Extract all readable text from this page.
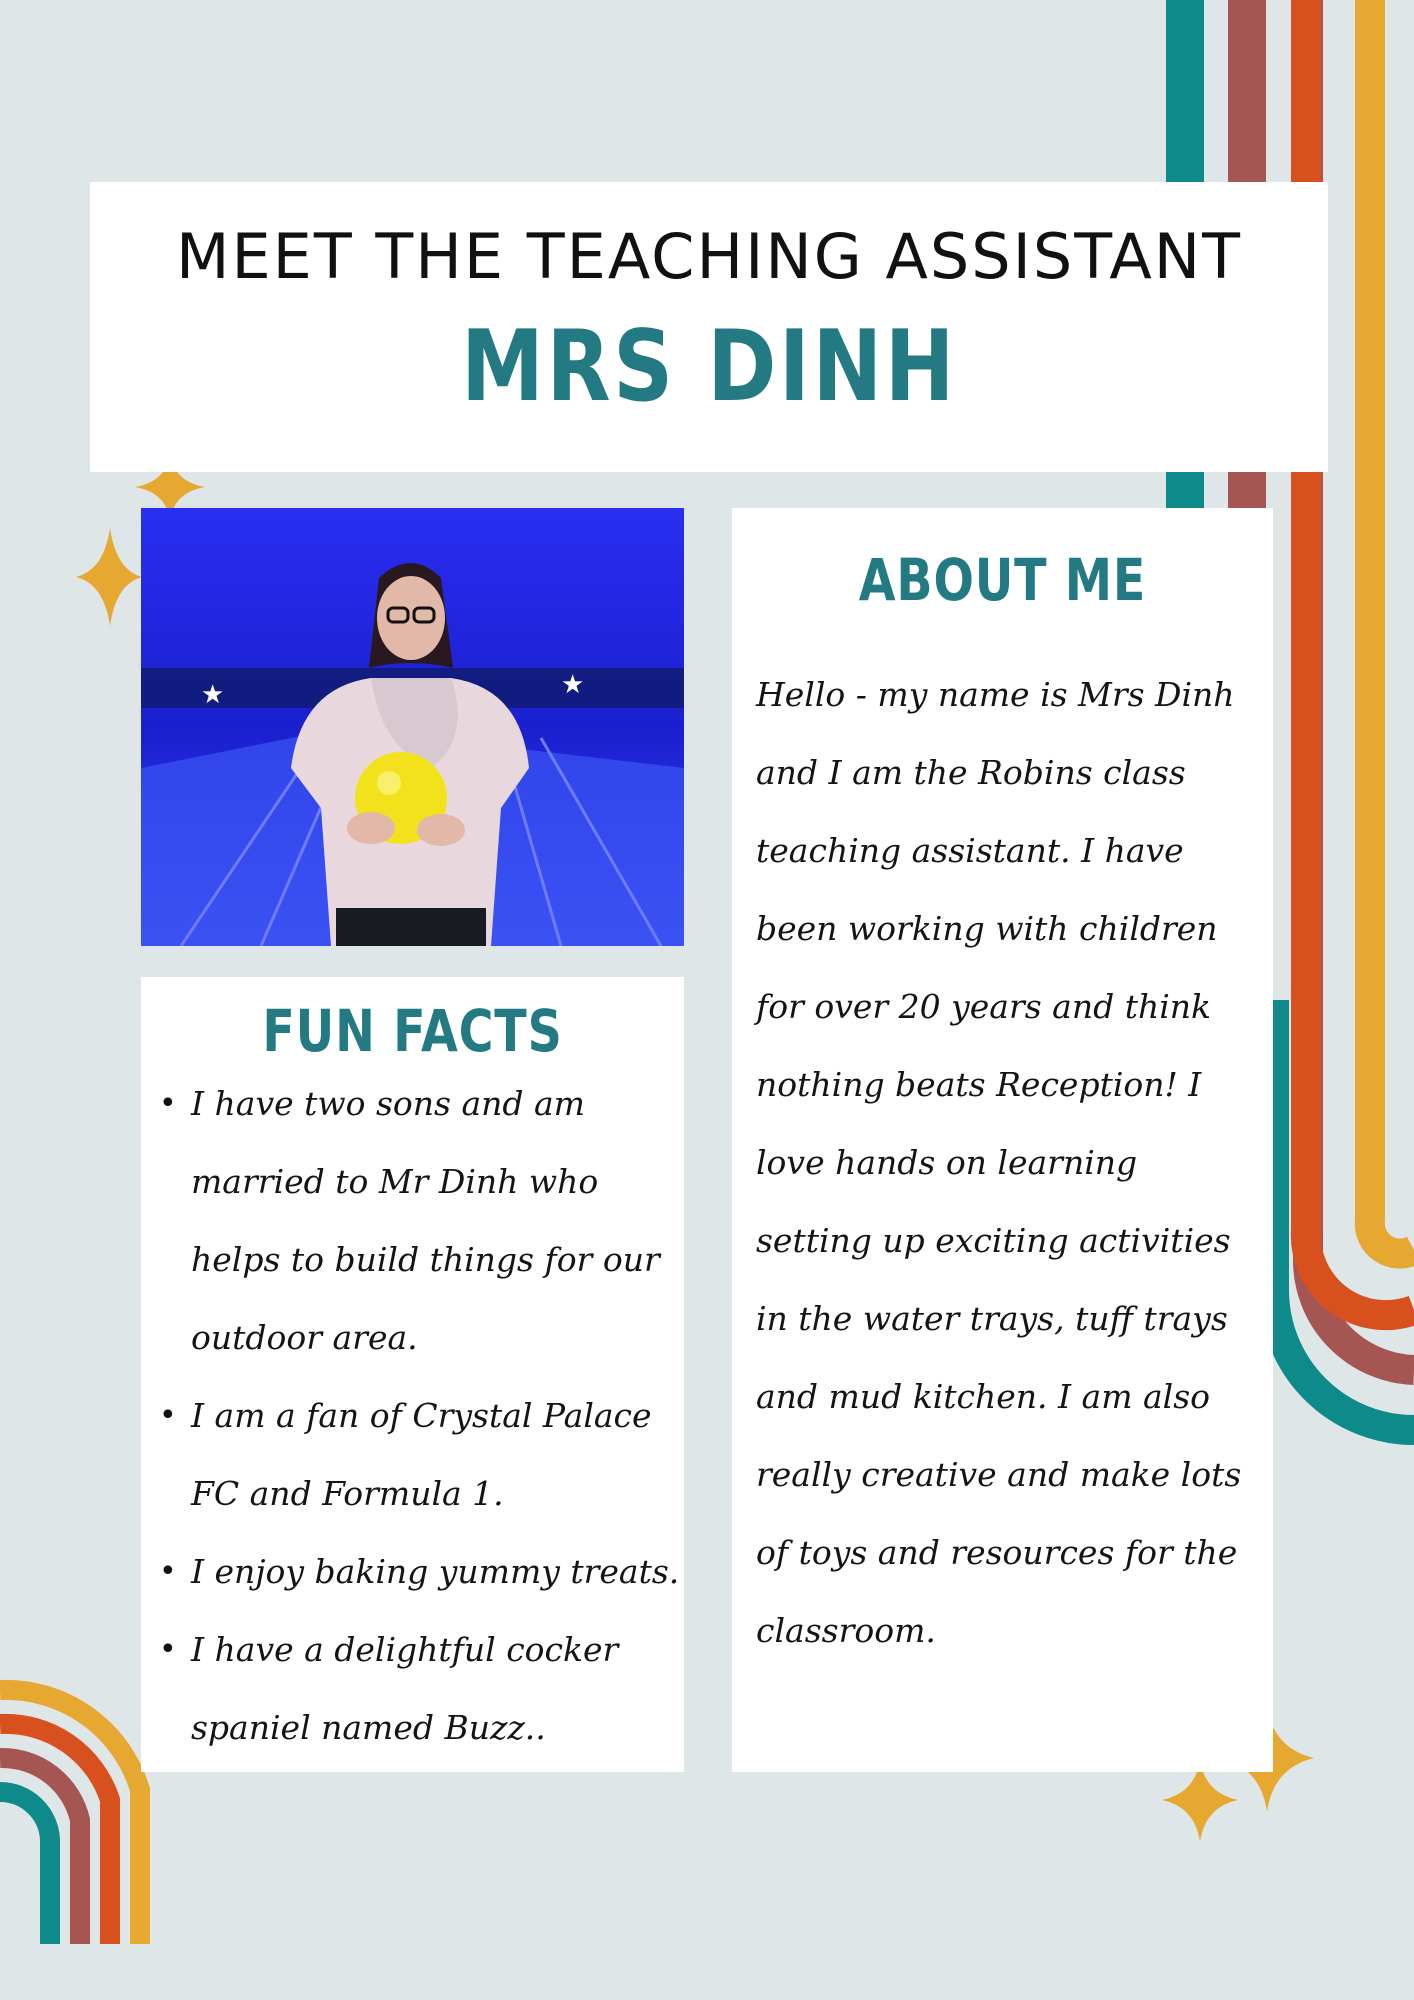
MEET THE TEACHING ASSISTANT
MRS DINH
★	★
FUN FACTS
• I have two sons and am married to Mr Dinh who helps to build things for our outdoor area.
• I am a fan of Crystal Palace FC and Formula 1.
• I enjoy baking yummy treats.
• I have a delightful cocker spaniel named Buzz..
ABOUT ME
Hello - my name is Mrs Dinh and I am the Robins class teaching assistant. I have been working with children for over 20 years and think nothing beats Reception! I love hands on learning setting up exciting activities in the water trays, tuff trays and mud kitchen. I am also really creative and make lots of toys and resources for the classroom.
